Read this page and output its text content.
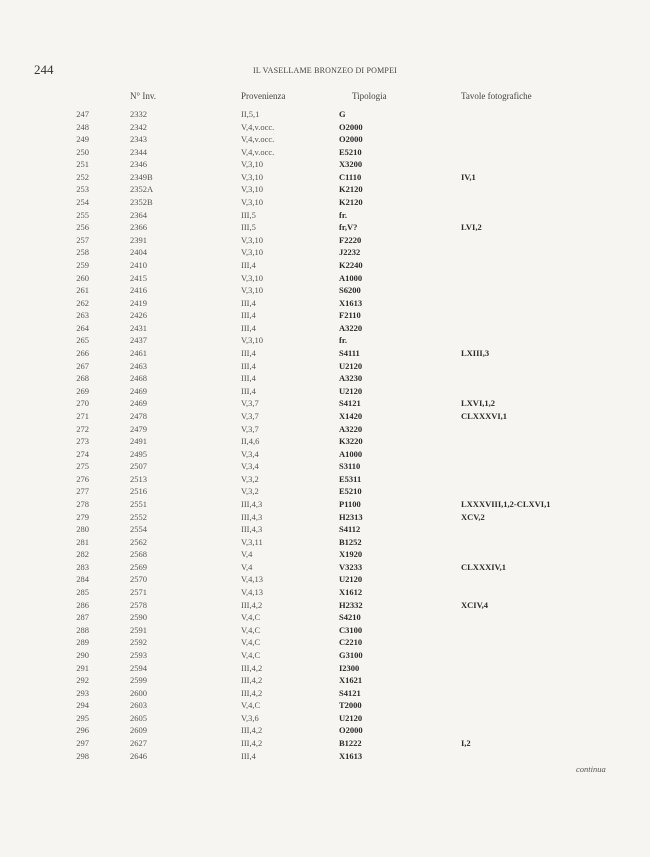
244	IL VASELLAME BRONZEO DI POMPEI
N° Inv.	Provenienza	Tipologia	Tavole fotografiche
247	2332	II,5,1	G
248	2342	V,4,v.occ.	O2000
249	2343	V,4,v.occ.	O2000
250	2344	V,4,v.occ.	E5210
251	2346	V,3,10	X3200
252	2349B	V,3,10	C1110	IV,1
253	2352A	V,3,10	K2120
254	2352B	V,3,10	K2120
255	2364	III,5	fr.
256	2366	III,5	fr,V?	LVI,2
257	2391	V,3,10	F2220
258	2404	V,3,10	J2232
259	2410	III,4	K2240
260	2415	V,3,10	A1000
261	2416	V,3,10	S6200
262	2419	III,4	X1613
263	2426	III,4	F2110
264	2431	III,4	A3220
265	2437	V,3,10	fr.
266	2461	III,4	S4111	LXIII,3
267	2463	III,4	U2120
268	2468	III,4	A3230
269	2469	III,4	U2120
270	2469	V,3,7	S4121	LXVI,1,2
271	2478	V,3,7	X1420	CLXXXVI,1
272	2479	V,3,7	A3220
273	2491	II,4,6	K3220
274	2495	V,3,4	A1000
275	2507	V,3,4	S3110
276	2513	V,3,2	E5311
277	2516	V,3,2	E5210
278	2551	III,4,3	P1100	LXXXVIII,1,2-CLXVI,1
279	2552	III,4,3	H2313	XCV,2
280	2554	III,4,3	S4112
281	2562	V,3,11	B1252
282	2568	V,4	X1920
283	2569	V,4	V3233	CLXXXIV,1
284	2570	V,4,13	U2120
285	2571	V,4,13	X1612
286	2578	III,4,2	H2332	XCIV,4
287	2590	V,4,C	S4210
288	2591	V,4,C	C3100
289	2592	V,4,C	C2210
290	2593	V,4,C	G3100
291	2594	III,4,2	I2300
292	2599	III,4,2	X1621
293	2600	III,4,2	S4121
294	2603	V,4,C	T2000
295	2605	V,3,6	U2120
296	2609	III,4,2	O2000
297	2627	III,4,2	B1222	I,2
298	2646	III,4	X1613
continua
